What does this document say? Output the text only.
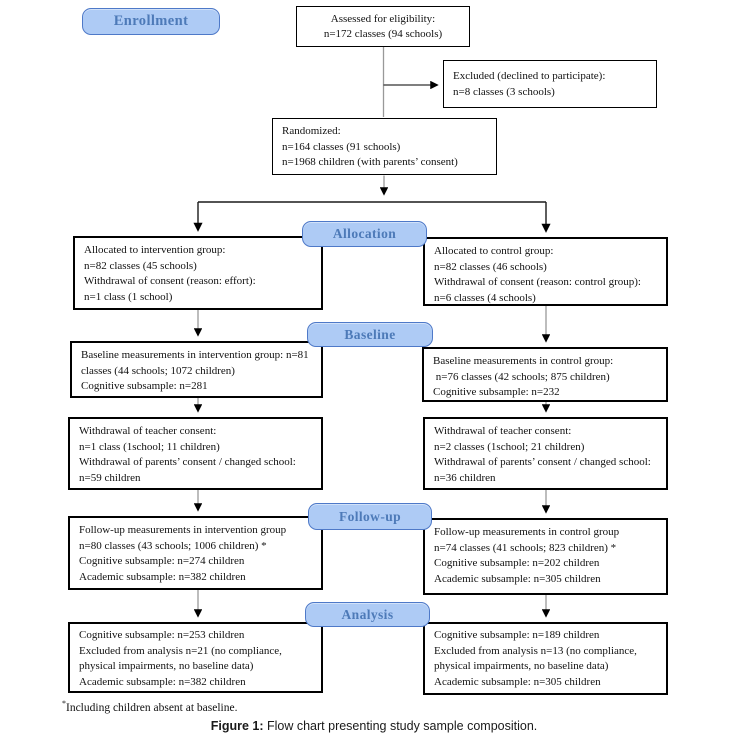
Enrollment
Allocation
Baseline
Follow-up
Analysis
Assessed for eligibility:
n=172 classes (94 schools)
Excluded (declined to participate):
n=8 classes (3 schools)
Randomized:
n=164 classes (91 schools)
n=1968 children (with parents’ consent)
Allocated to intervention group:
n=82 classes (45 schools)
Withdrawal of consent (reason: effort):
n=1 class (1 school)
Allocated to control group:
n=82 classes (46 schools)
Withdrawal of consent (reason: control group):
n=6 classes (4 schools)
Baseline measurements in intervention group: n=81
classes (44 schools; 1072 children)
Cognitive subsample: n=281
Baseline measurements in control group:
n=76 classes (42 schools; 875 children)
Cognitive subsample: n=232
Withdrawal of teacher consent:
n=1 class (1school; 11 children)
Withdrawal of parents’ consent / changed school:
n=59 children
Withdrawal of teacher consent:
n=2 classes (1school; 21 children)
Withdrawal of parents’ consent / changed school:
n=36 children
Follow-up measurements in intervention group
n=80 classes (43 schools; 1006 children) *
Cognitive subsample: n=274 children
Academic subsample: n=382 children
Follow-up measurements in control group
n=74 classes (41 schools; 823 children) *
Cognitive subsample: n=202 children
Academic subsample: n=305 children
Cognitive subsample: n=253 children
Excluded from analysis n=21 (no compliance,
physical impairments, no baseline data)
Academic subsample: n=382 children
Cognitive subsample: n=189 children
Excluded from analysis n=13 (no compliance,
physical impairments, no baseline data)
Academic subsample: n=305 children
*Including children absent at baseline.
Figure 1: Flow chart presenting study sample composition.
